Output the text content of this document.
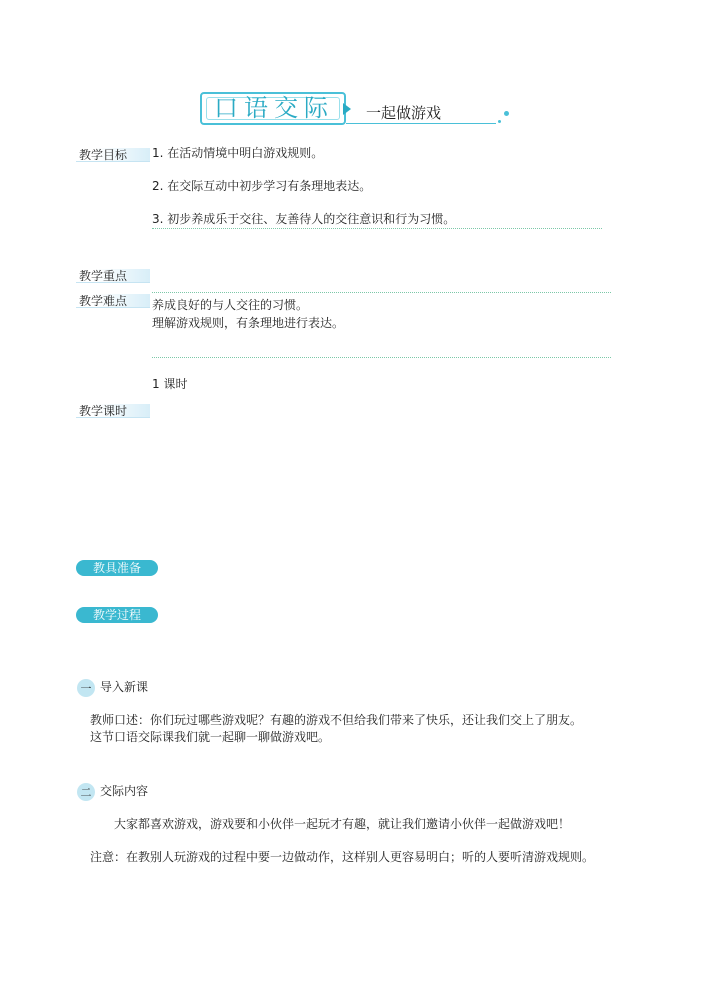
口语交际 一起做游戏
教学目标	1. 在活动情境中明白游戏规则。
2. 在交际互动中初步学习有条理地表达。
3. 初步养成乐于交往、友善待人的交往意识和行为习惯。
教学重点
教学难点	养成良好的与人交往的习惯。
理解游戏规则，有条理地进行表达。
1 课时
教学课时
教具准备
教学过程
一 导入新课
教师口述：你们玩过哪些游戏呢？有趣的游戏不但给我们带来了快乐，还让我们交上了朋友。
这节口语交际课我们就一起聊一聊做游戏吧。
二 交际内容
大家都喜欢游戏，游戏要和小伙伴一起玩才有趣，就让我们邀请小伙伴一起做游戏吧！
注意：在教别人玩游戏的过程中要一边做动作，这样别人更容易明白；听的人要听清游戏规则。
